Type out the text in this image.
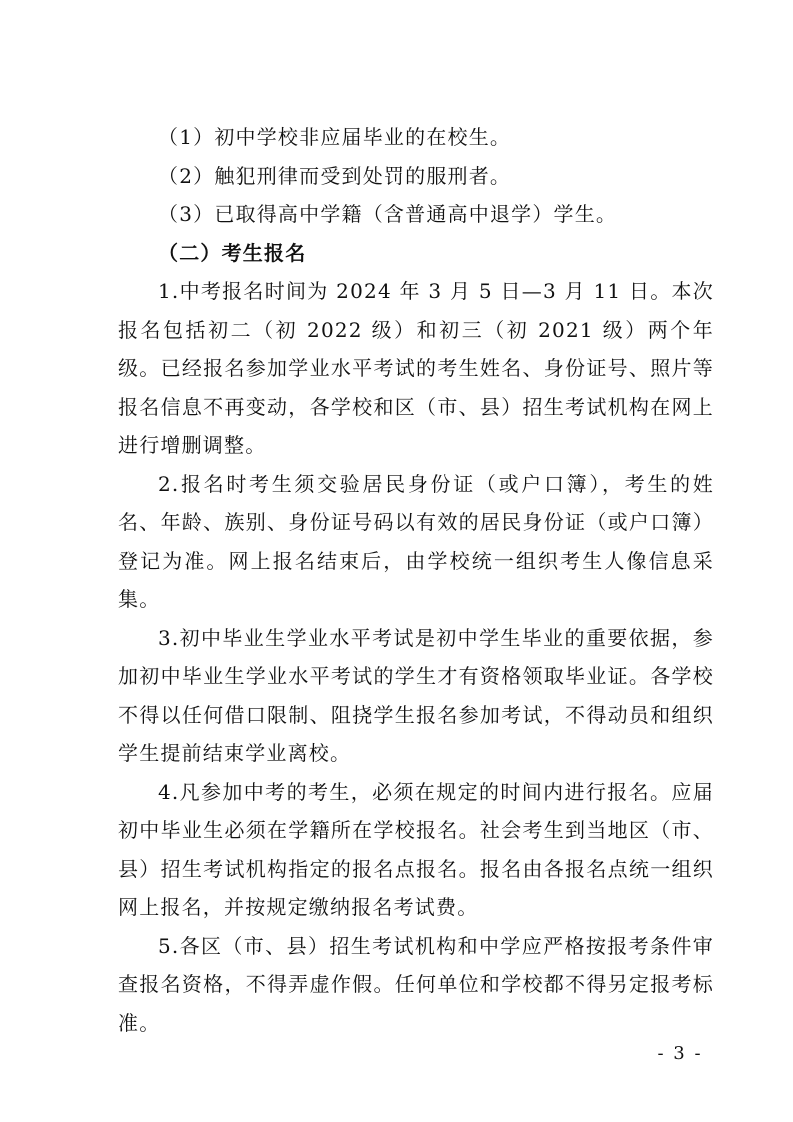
（1）初中学校非应届毕业的在校生。

（2）触犯刑律而受到处罚的服刑者。

（3）已取得高中学籍（含普通高中退学）学生。

（二）考生报名

1.中考报名时间为 2024 年 3 月 5 日—3 月 11 日。本次报名包括初二（初 2022 级）和初三（初 2021 级）两个年级。已经报名参加学业水平考试的考生姓名、身份证号、照片等报名信息不再变动，各学校和区（市、县）招生考试机构在网上进行增删调整。

2.报名时考生须交验居民身份证（或户口簿），考生的姓名、年龄、族别、身份证号码以有效的居民身份证（或户口簿）登记为准。网上报名结束后，由学校统一组织考生人像信息采集。

3.初中毕业生学业水平考试是初中学生毕业的重要依据，参加初中毕业生学业水平考试的学生才有资格领取毕业证。各学校不得以任何借口限制、阻挠学生报名参加考试，不得动员和组织学生提前结束学业离校。

4.凡参加中考的考生，必须在规定的时间内进行报名。应届初中毕业生必须在学籍所在学校报名。社会考生到当地区（市、县）招生考试机构指定的报名点报名。报名由各报名点统一组织网上报名，并按规定缴纳报名考试费。

5.各区（市、县）招生考试机构和中学应严格按报考条件审查报名资格，不得弄虚作假。任何单位和学校都不得另定报考标准。

- 3 -
